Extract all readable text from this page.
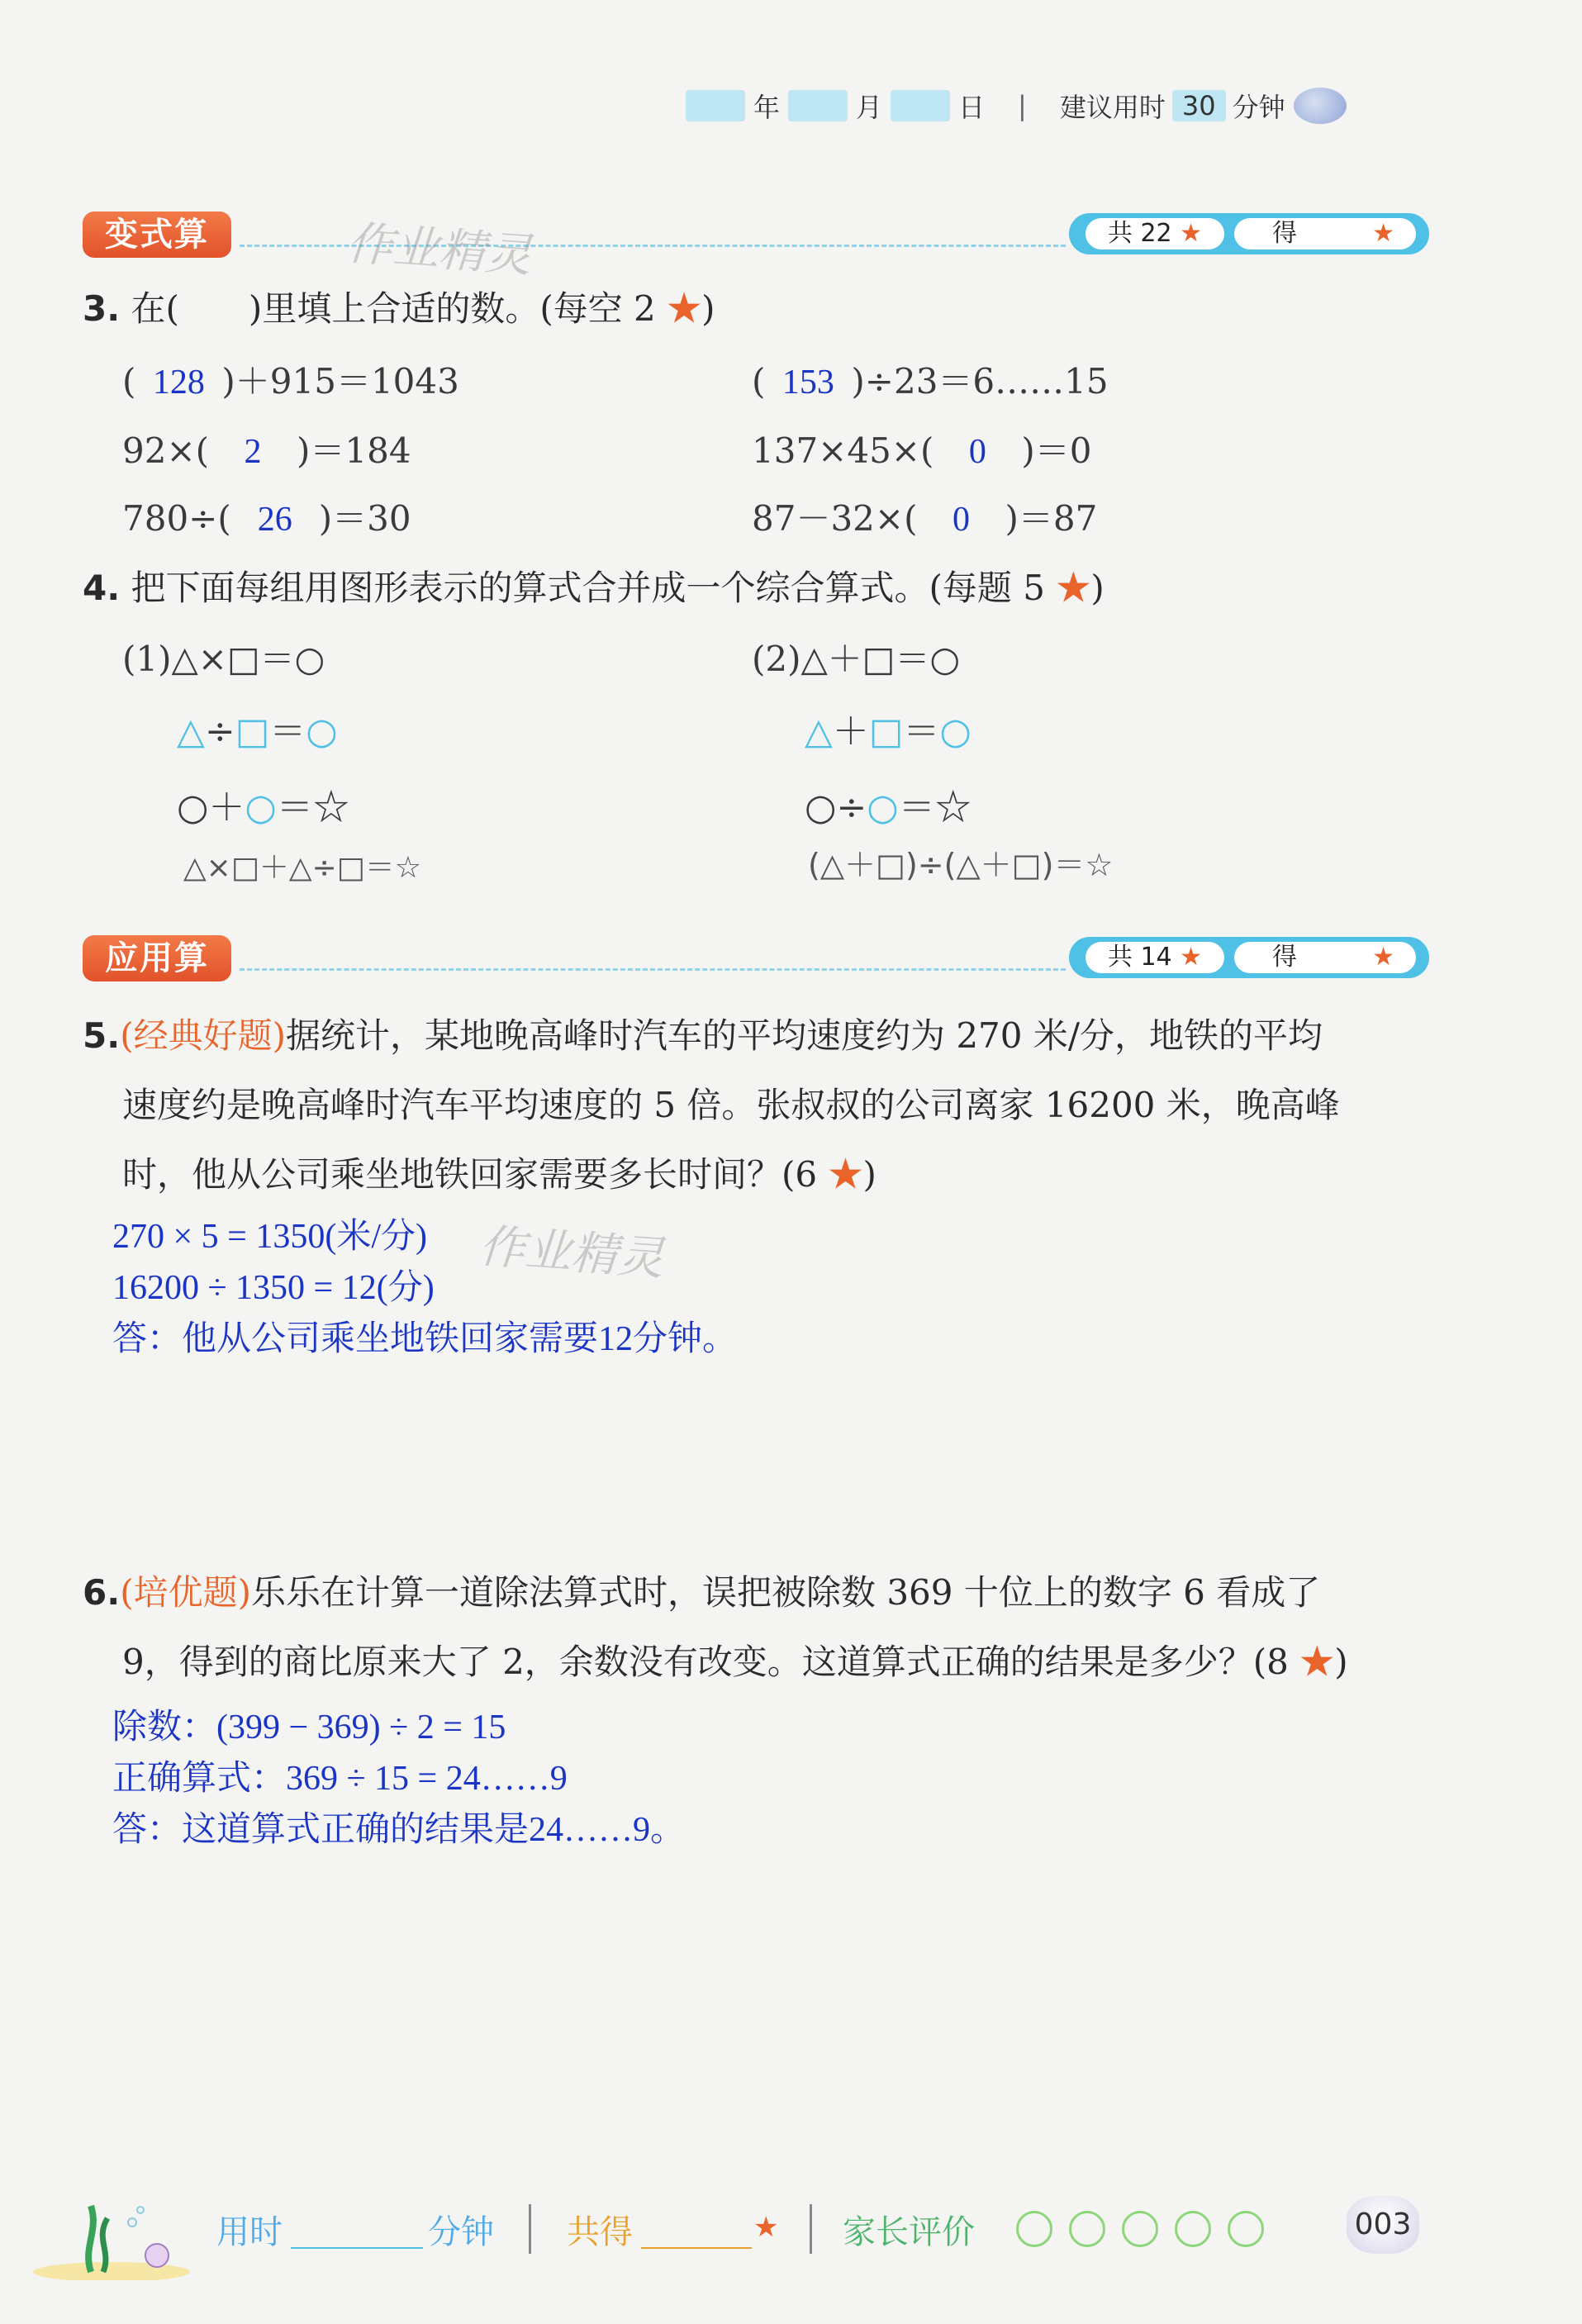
年	月	日 | 建议用时 30 分钟
变式算	共 22 ★	得	★
作业精灵
3. 在(　　)里填上合适的数。(每空 2 ★)
( 128 )＋915＝1043	( 153 )÷23＝6……15
92×( 2 )＝184	137×45×( 0 )＝0
780÷( 26 )＝30	87－32×( 0 )＝87
4. 把下面每组用图形表示的算式合并成一个综合算式。(每题 5 ★)
(1)△×□＝○
△÷□＝○
○＋○＝☆
△×□＋△÷□＝☆
(2)△＋□＝○
△＋□＝○
○÷○＝☆
(△＋□)÷(△＋□)＝☆
应用算	共 14 ★	得	★
5.(经典好题)据统计，某地晚高峰时汽车的平均速度约为 270 米/分，地铁的平均
速度约是晚高峰时汽车平均速度的 5 倍。张叔叔的公司离家 16200 米，晚高峰
时，他从公司乘坐地铁回家需要多长时间？(6 ★)
270 × 5 = 1350(米/分)
16200 ÷ 1350 = 12(分)
答：他从公司乘坐地铁回家需要12分钟。
作业精灵
6.(培优题)乐乐在计算一道除法算式时，误把被除数 369 十位上的数字 6 看成了
9，得到的商比原来大了 2，余数没有改变。这道算式正确的结果是多少？(8 ★)
除数：(399 − 369) ÷ 2 = 15
正确算式：369 ÷ 15 = 24……9
答：这道算式正确的结果是24……9。
用时	分钟 共得	★ 家长评价	003
